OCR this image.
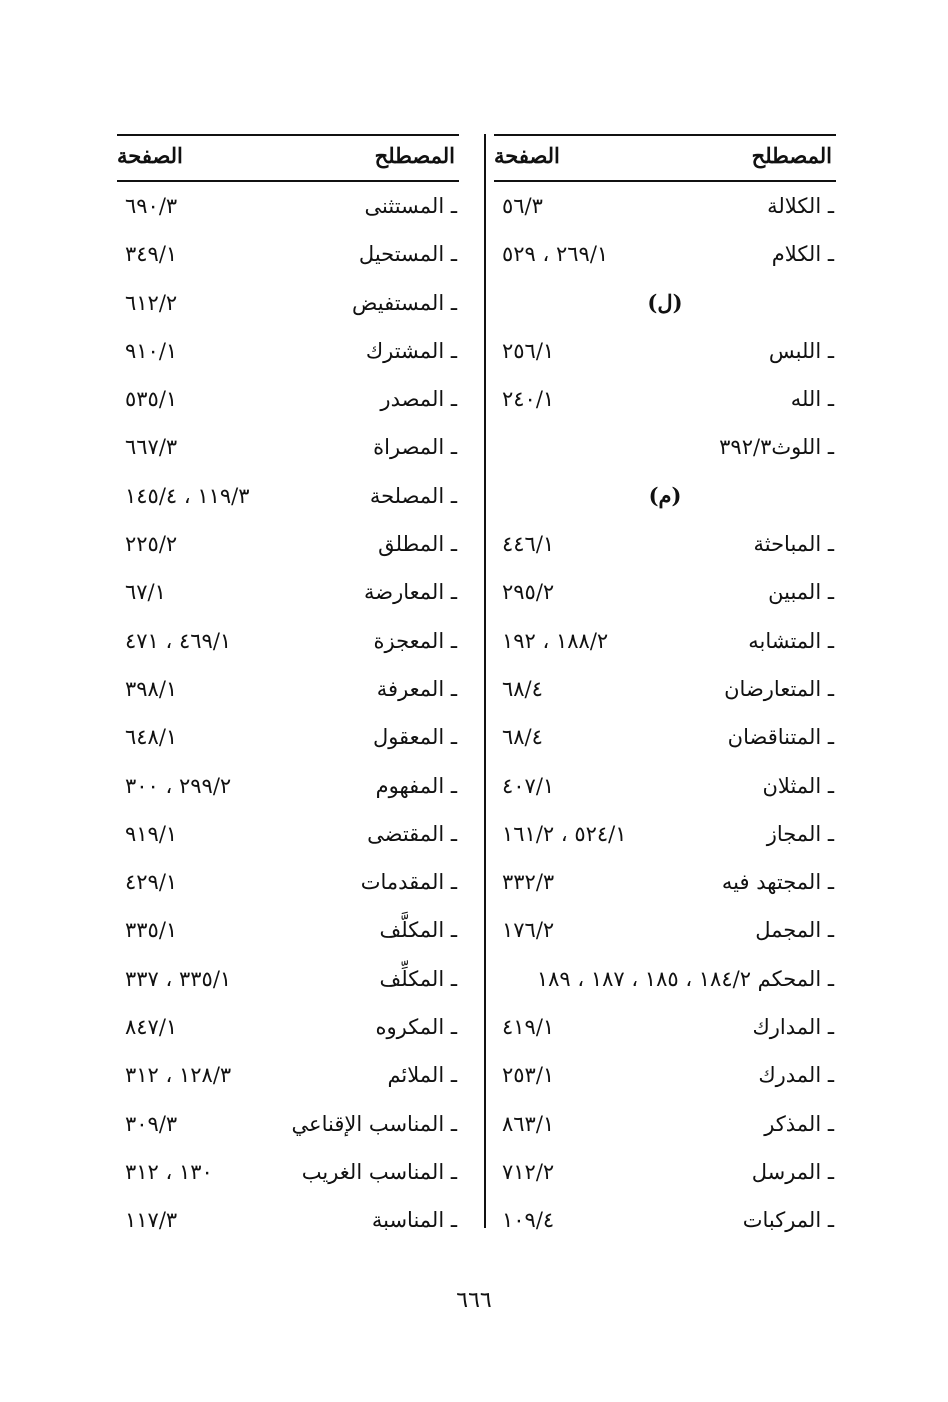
المصطلح
الصفحة
ـ الكلالة
٥٦/٣
ـ الكلام
٢٦٩/١ ، ٥٢٩
(ل)
ـ اللبس
٢٥٦/١
ـ الله
٢٤٠/١
ـ اللوث٣٩٢/٣
(م)
ـ المباحثة
٤٤٦/١
ـ المبين
٢٩٥/٢
ـ المتشابه
١٨٨/٢ ، ١٩٢
ـ المتعارضان
٦٨/٤
ـ المتناقضان
٦٨/٤
ـ المثلان
٤٠٧/١
ـ المجاز
٥٢٤/١ ، ١٦١/٢
ـ المجتهد فيه
٣٣٢/٣
ـ المجمل
١٧٦/٢
ـ المحكم ١٨٤/٢ ، ١٨٥ ، ١٨٧ ، ١٨٩
ـ المدارك
٤١٩/١
ـ المدرك
٢٥٣/١
ـ المذكر
٨٦٣/١
ـ المرسل
٧١٢/٢
ـ المركبات
١٠٩/٤
المصطلح
الصفحة
ـ المستثنى
٦٩٠/٣
ـ المستحيل
٣٤٩/١
ـ المستفيض
٦١٢/٢
ـ المشترك
٩١٠/١
ـ المصدر
٥٣٥/١
ـ المصراة
٦٦٧/٣
ـ المصلحة
١١٩/٣ ، ١٤٥/٤
ـ المطلق
٢٢٥/٢
ـ المعارضة
٦٧/١
ـ المعجزة
٤٦٩/١ ، ٤٧١
ـ المعرفة
٣٩٨/١
ـ المعقول
٦٤٨/١
ـ المفهوم
٢٩٩/٢ ، ٣٠٠
ـ المقتضى
٩١٩/١
ـ المقدمات
٤٢٩/١
ـ المكلَّف
٣٣٥/١
ـ المكلِّف
٣٣٥/١ ، ٣٣٧
ـ المكروه
٨٤٧/١
ـ الملائم
١٢٨/٣ ، ٣١٢
ـ المناسب الإقناعي
٣٠٩/٣
ـ المناسب الغريب
١٣٠ ، ٣١٢
ـ المناسبة
١١٧/٣
٦٦٦
